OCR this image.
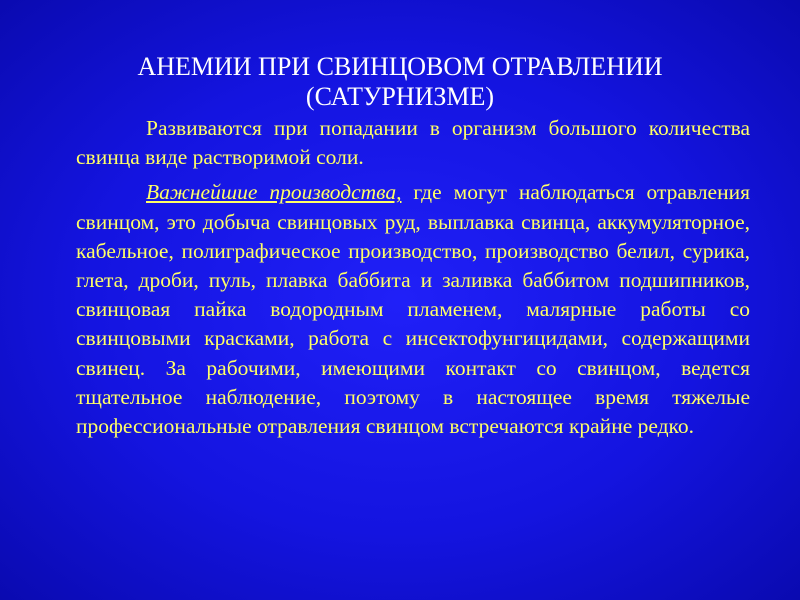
АНЕМИИ ПРИ СВИНЦОВОМ ОТРАВЛЕНИИ
(САТУРНИЗМЕ)

Развиваются при попадании в организм большого количества свинца виде растворимой соли.

Важнейшие производства, где могут наблюдаться отравления свинцом, это добыча свинцовых руд, выплавка свинца, аккумуляторное, кабельное, полиграфическое производство, производство белил, сурика, глета, дроби, пуль, плавка баббита и заливка баббитом подшипников, свинцовая пайка водородным пламенем, малярные работы со свинцовыми красками, работа с инсектофунгицидами, содержащими свинец. За рабочими, имеющими контакт со свинцом, ведется тщательное наблюдение, поэтому в настоящее время тяжелые профессиональные отравления свинцом встречаются крайне редко.
